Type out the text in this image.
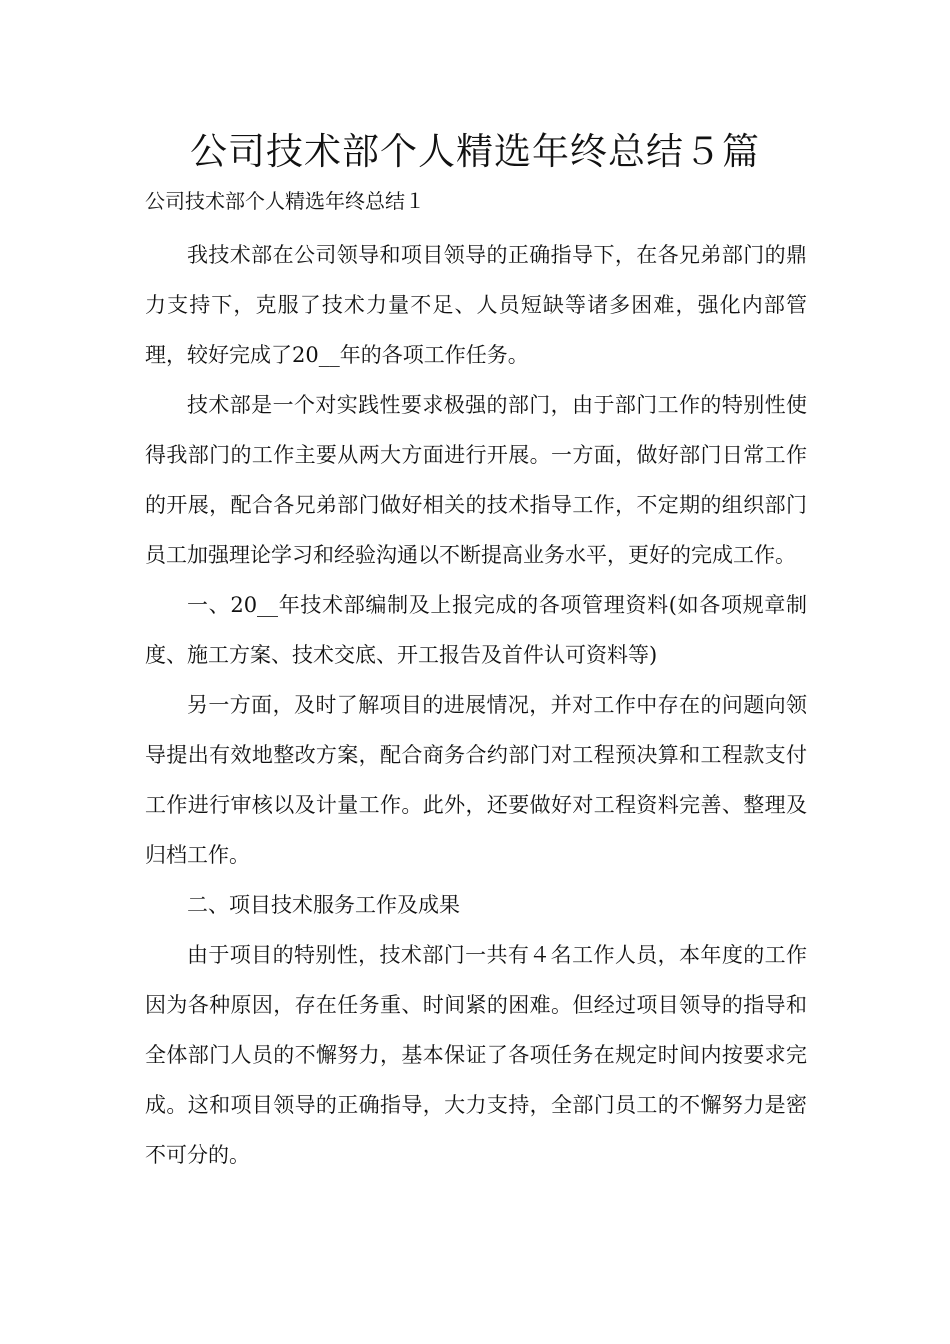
公司技术部个人精选年终总结５篇

公司技术部个人精选年终总结１

我技术部在公司领导和项目领导的正确指导下，在各兄弟部门的鼎力支持下，克服了技术力量不足、人员短缺等诸多困难，强化内部管理，较好完成了20__年的各项工作任务。

技术部是一个对实践性要求极强的部门，由于部门工作的特别性使得我部门的工作主要从两大方面进行开展。一方面，做好部门日常工作的开展，配合各兄弟部门做好相关的技术指导工作，不定期的组织部门员工加强理论学习和经验沟通以不断提高业务水平，更好的完成工作。

一、20__年技术部编制及上报完成的各项管理资料(如各项规章制度、施工方案、技术交底、开工报告及首件认可资料等)

另一方面，及时了解项目的进展情况，并对工作中存在的问题向领导提出有效地整改方案，配合商务合约部门对工程预决算和工程款支付工作进行审核以及计量工作。此外，还要做好对工程资料完善、整理及归档工作。

二、项目技术服务工作及成果

由于项目的特别性，技术部门一共有４名工作人员，本年度的工作因为各种原因，存在任务重、时间紧的困难。但经过项目领导的指导和全体部门人员的不懈努力，基本保证了各项任务在规定时间内按要求完成。这和项目领导的正确指导，大力支持，全部门员工的不懈努力是密不可分的。
